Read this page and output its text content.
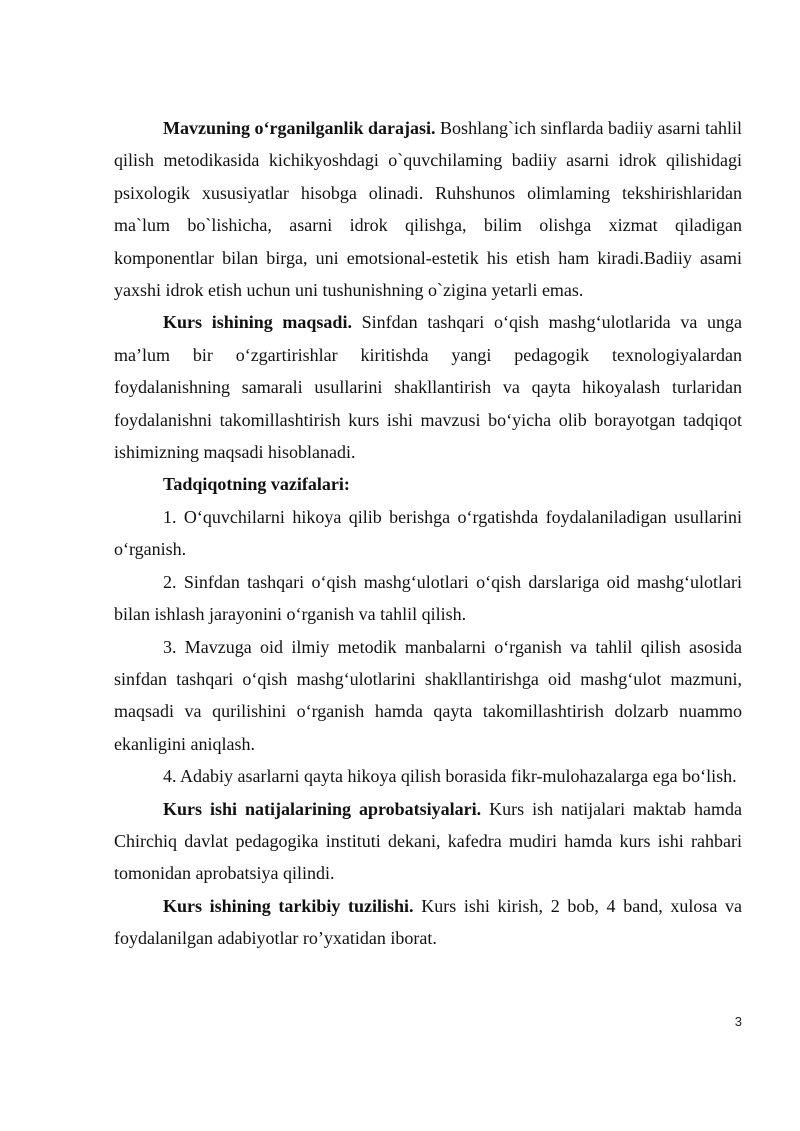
Mavzuning o‘rganilganlik darajasi. Boshlang`ich sinflarda badiiy asarni tahlil qilish metodikasida kichikyoshdagi o`quvchilaming badiiy asarni idrok qilishidagi psixologik xususiyatlar hisobga olinadi. Ruhshunos olimlaming tekshirishlaridan ma`lum bo`lishicha, asarni idrok qilishga, bilim olishga xizmat qiladigan komponentlar bilan birga, uni emotsional-estetik his etish ham kiradi.Badiiy asami yaxshi idrok etish uchun uni tushunishning o`zigina yetarli emas.

Kurs ishining maqsadi. Sinfdan tashqari o‘qish mashg‘ulotlarida va unga ma’lum bir o‘zgartirishlar kiritishda yangi pedagogik texnologiyalardan foydalanishning samarali usullarini shakllantirish va qayta hikoyalash turlaridan foydalanishni takomillashtirish kurs ishi mavzusi bo‘yicha olib borayotgan tadqiqot ishimizning maqsadi hisoblanadi.

Tadqiqotning vazifalari:

1. O‘quvchilarni hikoya qilib berishga o‘rgatishda foydalaniladigan usullarini o‘rganish.

2. Sinfdan tashqari o‘qish mashg‘ulotlari o‘qish darslariga oid mashg‘ulotlari bilan ishlash jarayonini o‘rganish va tahlil qilish.

3. Mavzuga oid ilmiy metodik manbalarni o‘rganish va tahlil qilish asosida sinfdan tashqari o‘qish mashg‘ulotlarini shakllantirishga oid mashg‘ulot mazmuni, maqsadi va qurilishini o‘rganish hamda qayta takomillashtirish dolzarb nuammo ekanligini aniqlash.

4. Adabiy asarlarni qayta hikoya qilish borasida fikr-mulohazalarga ega bo‘lish.

Kurs ishi natijalarining aprobatsiyalari. Kurs ish natijalari maktab hamda Chirchiq davlat pedagogika instituti dekani, kafedra mudiri hamda kurs ishi rahbari tomonidan aprobatsiya qilindi.

Kurs ishining tarkibiy tuzilishi. Kurs ishi kirish, 2 bob, 4 band, xulosa va foydalanilgan adabiyotlar ro’yxatidan iborat.

3
